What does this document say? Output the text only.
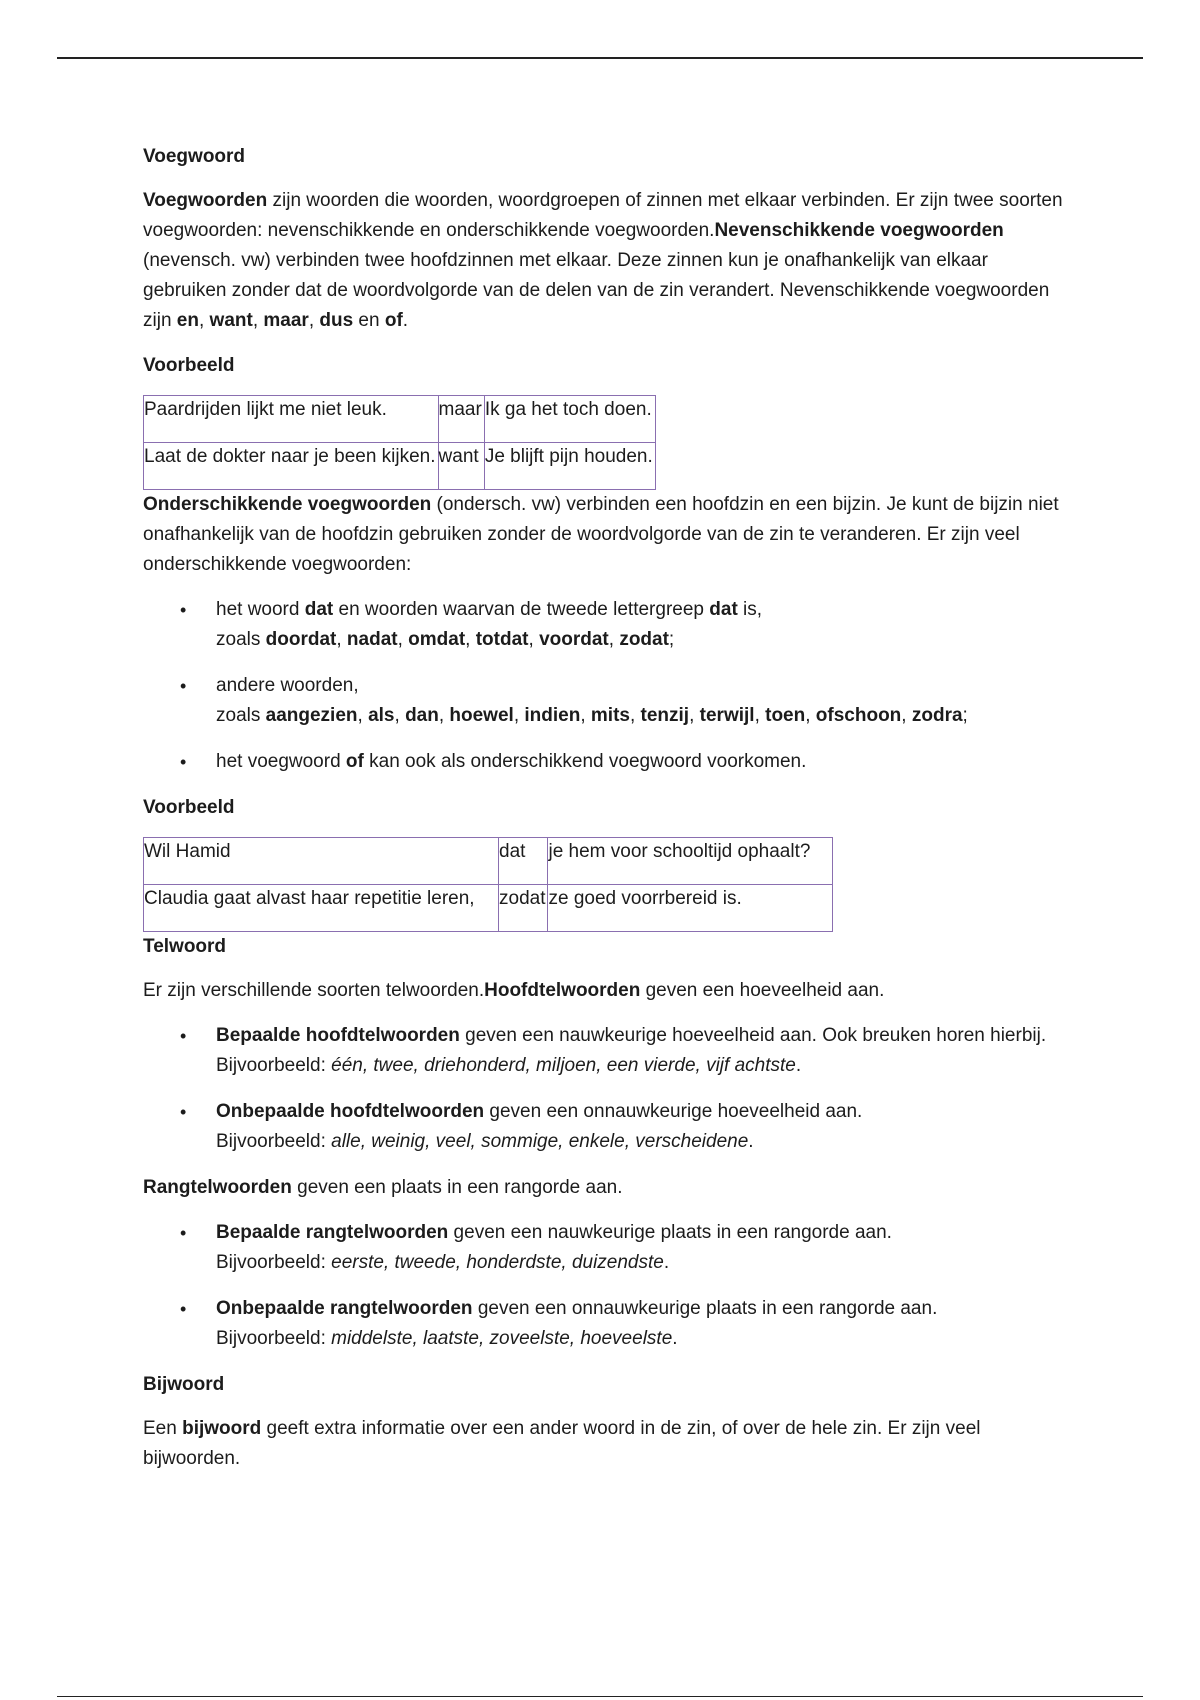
Voegwoord

Voegwoorden zijn woorden die woorden, woordgroepen of zinnen met elkaar verbinden. Er zijn twee soorten voegwoorden: nevenschikkende en onderschikkende voegwoorden.Nevenschikkende voegwoorden (nevensch. vw) verbinden twee hoofdzinnen met elkaar. Deze zinnen kun je onafhankelijk van elkaar gebruiken zonder dat de woordvolgorde van de delen van de zin verandert. Nevenschikkende voegwoorden zijn en, want, maar, dus en of.

Voorbeeld
Paardrijden lijkt me niet leuk.	maar	Ik ga het toch doen.
Laat de dokter naar je been kijken.	want	Je blijft pijn houden.

Onderschikkende voegwoorden (ondersch. vw) verbinden een hoofdzin en een bijzin. Je kunt de bijzin niet onafhankelijk van de hoofdzin gebruiken zonder de woordvolgorde van de zin te veranderen. Er zijn veel onderschikkende voegwoorden:

• het woord dat en woorden waarvan de tweede lettergreep dat is,
zoals doordat, nadat, omdat, totdat, voordat, zodat;
• andere woorden,
zoals aangezien, als, dan, hoewel, indien, mits, tenzij, terwijl, toen, ofschoon, zodra;
• het voegwoord of kan ook als onderschikkend voegwoord voorkomen.
Voorbeeld
Wil Hamid	dat	je hem voor schooltijd ophaalt?
Claudia gaat alvast haar repetitie leren,	zodat	ze goed voorrbereid is.
Telwoord

Er zijn verschillende soorten telwoorden.Hoofdtelwoorden geven een hoeveelheid aan.

• Bepaalde hoofdtelwoorden geven een nauwkeurige hoeveelheid aan. Ook breuken horen hierbij. Bijvoorbeeld: één, twee, driehonderd, miljoen, een vierde, vijf achtste.
• Onbepaalde hoofdtelwoorden geven een onnauwkeurige hoeveelheid aan.
Bijvoorbeeld: alle, weinig, veel, sommige, enkele, verscheidene.

Rangtelwoorden geven een plaats in een rangorde aan.

• Bepaalde rangtelwoorden geven een nauwkeurige plaats in een rangorde aan.
Bijvoorbeeld: eerste, tweede, honderdste, duizendste.
• Onbepaalde rangtelwoorden geven een onnauwkeurige plaats in een rangorde aan.
Bijvoorbeeld: middelste, laatste, zoveelste, hoeveelste.
Bijwoord

Een bijwoord geeft extra informatie over een ander woord in de zin, of over de hele zin. Er zijn veel bijwoorden.
